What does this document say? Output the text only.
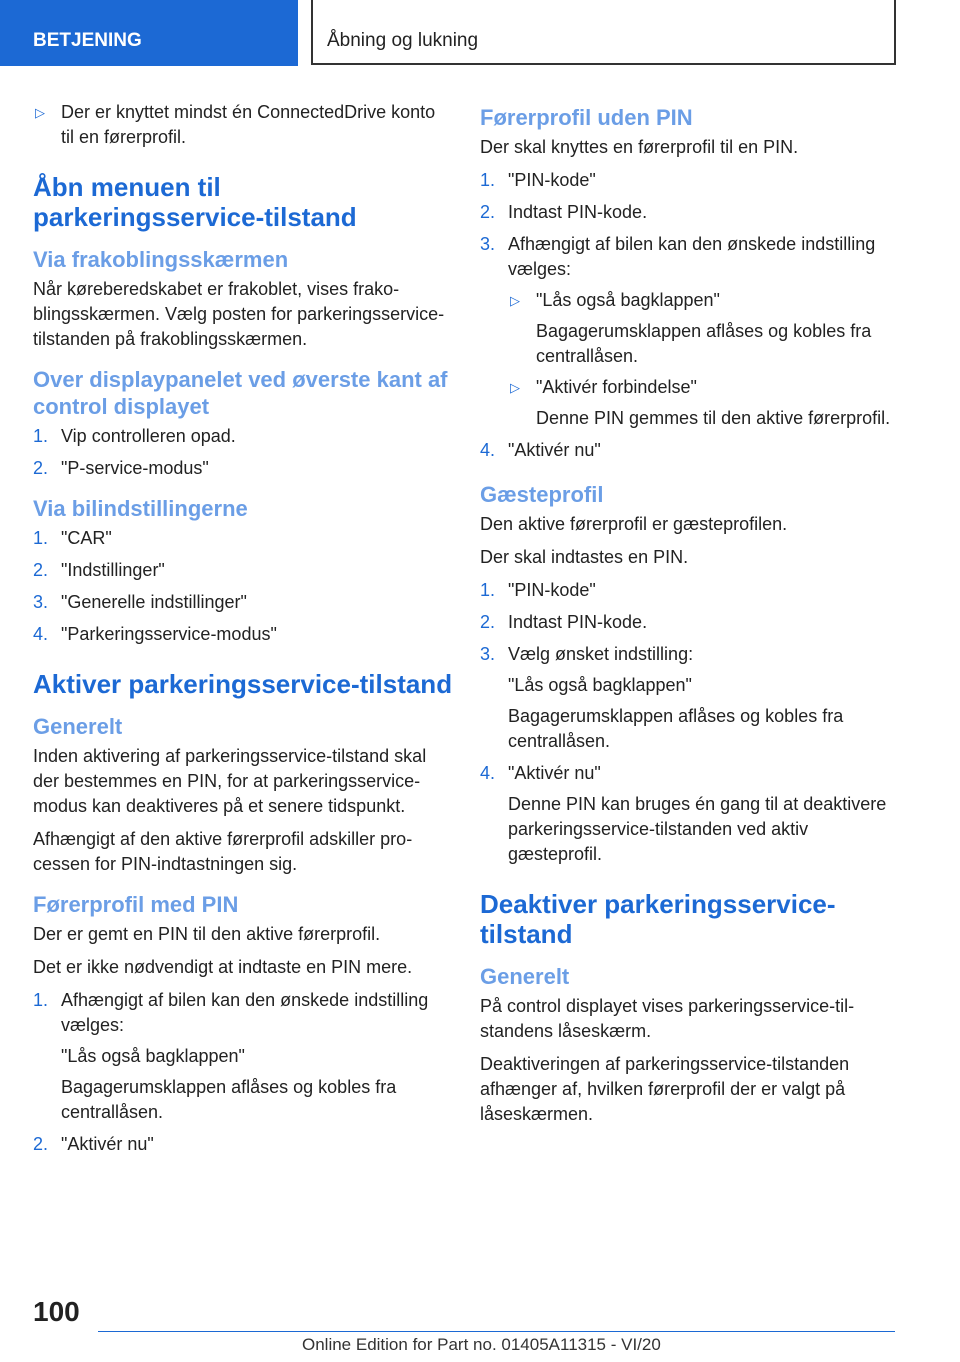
BETJENING	Åbning og lukning
▷ Der er knyttet mindst én ConnectedDrive konto til en førerprofil.
Åbn menuen til parkeringsservice-tilstand
Via frakoblingsskærmen

Når køreberedskabet er frakoblet, vises frakoblingsskærmen. Vælg posten for parkeringsservice-tilstanden på frakoblingsskærmen.

Over displaypanelet ved øverste kant af control displayet
1. Vip controlleren opad.
2. "P-service-modus"
Via bilindstillingerne
1. "CAR"
2. "Indstillinger"
3. "Generelle indstillinger"
4. "Parkeringsservice-modus"
Aktiver parkeringsservice-tilstand
Generelt

Inden aktivering af parkeringsservice-tilstand skal der bestemmes en PIN, for at parkeringsservice-modus kan deaktiveres på et senere tidspunkt.

Afhængigt af den aktive førerprofil adskiller processen for PIN-indtastningen sig.

Førerprofil med PIN

Der er gemt en PIN til den aktive førerprofil.

Det er ikke nødvendigt at indtaste en PIN mere.

1. Afhængigt af bilen kan den ønskede indstilling vælges:
"Lås også bagklappen"
Bagagerumsklappen aflåses og kobles fra centrallåsen.
2. "Aktivér nu"
Førerprofil uden PIN

Der skal knyttes en førerprofil til en PIN.

1. "PIN-kode"
2. Indtast PIN-kode.
3. Afhængigt af bilen kan den ønskede indstilling vælges:
▷ "Lås også bagklappen"
Bagagerumsklappen aflåses og kobles fra centrallåsen.
▷ "Aktivér forbindelse"
Denne PIN gemmes til den aktive førerprofil.
4. "Aktivér nu"
Gæsteprofil

Den aktive førerprofil er gæsteprofilen.

Der skal indtastes en PIN.

1. "PIN-kode"
2. Indtast PIN-kode.
3. Vælg ønsket indstilling:
"Lås også bagklappen"
Bagagerumsklappen aflåses og kobles fra centrallåsen.
4. "Aktivér nu"
Denne PIN kan bruges én gang til at deaktivere parkeringsservice-tilstanden ved aktiv gæsteprofil.
Deaktiver parkeringsservice-tilstand
Generelt

På control displayet vises parkeringsservice-tilstandens låseskærm.

Deaktiveringen af parkeringsservice-tilstanden afhænger af, hvilken førerprofil der er valgt på låseskærmen.

100
Online Edition for Part no. 01405A11315 - VI/20
